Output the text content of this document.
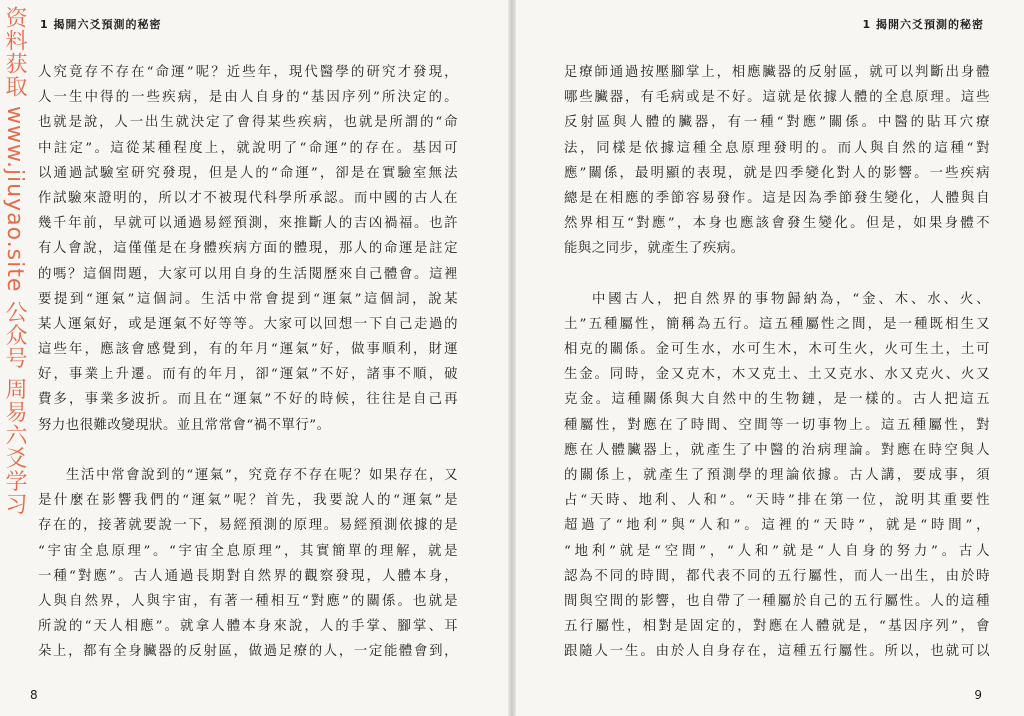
1 揭開六爻預測的秘密
资料获取 www.jiuyao.site 公众号 周易六爻学习 人究竟存不存在“命運”呢？近些年，現代醫學的研究才發現，
人一生中得的一些疾病，是由人自身的“基因序列”所決定的。
也就是說，人一出生就決定了會得某些疾病，也就是所謂的“命
中註定”。這從某種程度上，就說明了“命運”的存在。基因可
以通過試驗室研究發現，但是人的“命運”，卻是在實驗室無法
作試驗來證明的，所以才不被現代科學所承認。而中國的古人在
幾千年前，早就可以通過易經預測，來推斷人的吉凶禍福。也許
有人會說，這僅僅是在身體疾病方面的體現，那人的命運是註定
的嗎？這個問題，大家可以用自身的生活閱歷來自己體會。這裡
要提到“運氣”這個詞。生活中常會提到“運氣”這個詞，說某
某人運氣好，或是運氣不好等等。大家可以回想一下自己走過的
這些年，應該會感覺到，有的年月“運氣”好，做事順利，財運
好，事業上升遷。而有的年月，卻“運氣”不好，諸事不順，破
費多，事業多波折。而且在“運氣”不好的時候，往往是自己再
努力也很難改變現狀。並且常常會“禍不單行”。
生活中常會說到的“運氣”，究竟存不存在呢？如果存在，又
是什麼在影響我們的“運氣”呢？首先，我要說人的“運氣”是
存在的，接著就要說一下，易經預測的原理。易經預測依據的是
“宇宙全息原理”。“宇宙全息原理”，其實簡單的理解，就是
一種“對應”。古人通過長期對自然界的觀察發現，人體本身，
人與自然界，人與宇宙，有著一種相互“對應”的關係。也就是
所說的“天人相應”。就拿人體本身來說，人的手掌、腳掌、耳
朵上，都有全身臟器的反射區，做過足療的人，一定能體會到，
8
1 揭開六爻預測的秘密
足療師通過按壓腳掌上，相應臟器的反射區，就可以判斷出身體
哪些臟器，有毛病或是不好。這就是依據人體的全息原理。這些
反射區與人體的臟器，有一種“對應”關係。中醫的貼耳穴療
法，同樣是依據這種全息原理發明的。而人與自然的這種“對
應”關係，最明顯的表現，就是四季變化對人的影響。一些疾病
總是在相應的季節容易發作。這是因為季節發生變化，人體與自
然界相互“對應”，本身也應該會發生變化。但是，如果身體不
能與之同步，就產生了疾病。
中國古人，把自然界的事物歸納為，“金、木、水、火、
土”五種屬性，簡稱為五行。這五種屬性之間，是一種既相生又
相克的關係。金可生水，水可生木，木可生火，火可生土，土可
生金。同時，金又克木，木又克土、土又克水、水又克火、火又
克金。這種關係與大自然中的生物鏈，是一樣的。古人把這五
種屬性，對應在了時間、空間等一切事物上。這五種屬性，對
應在人體臟器上，就產生了中醫的治病理論。對應在時空與人
的關係上，就產生了預測學的理論依據。古人講，要成事，須
占“天時、地利、人和”。“天時”排在第一位，說明其重要性
超過了“地利”與“人和”。這裡的“天時”，就是“時間”，
“地利”就是“空間”，“人和”就是“人自身的努力”。古人
認為不同的時間，都代表不同的五行屬性，而人一出生，由於時
間與空間的影響，也自帶了一種屬於自己的五行屬性。人的這種
五行屬性，相對是固定的，對應在人體就是，“基因序列”，會
跟隨人一生。由於人自身存在，這種五行屬性。所以，也就可以
9
